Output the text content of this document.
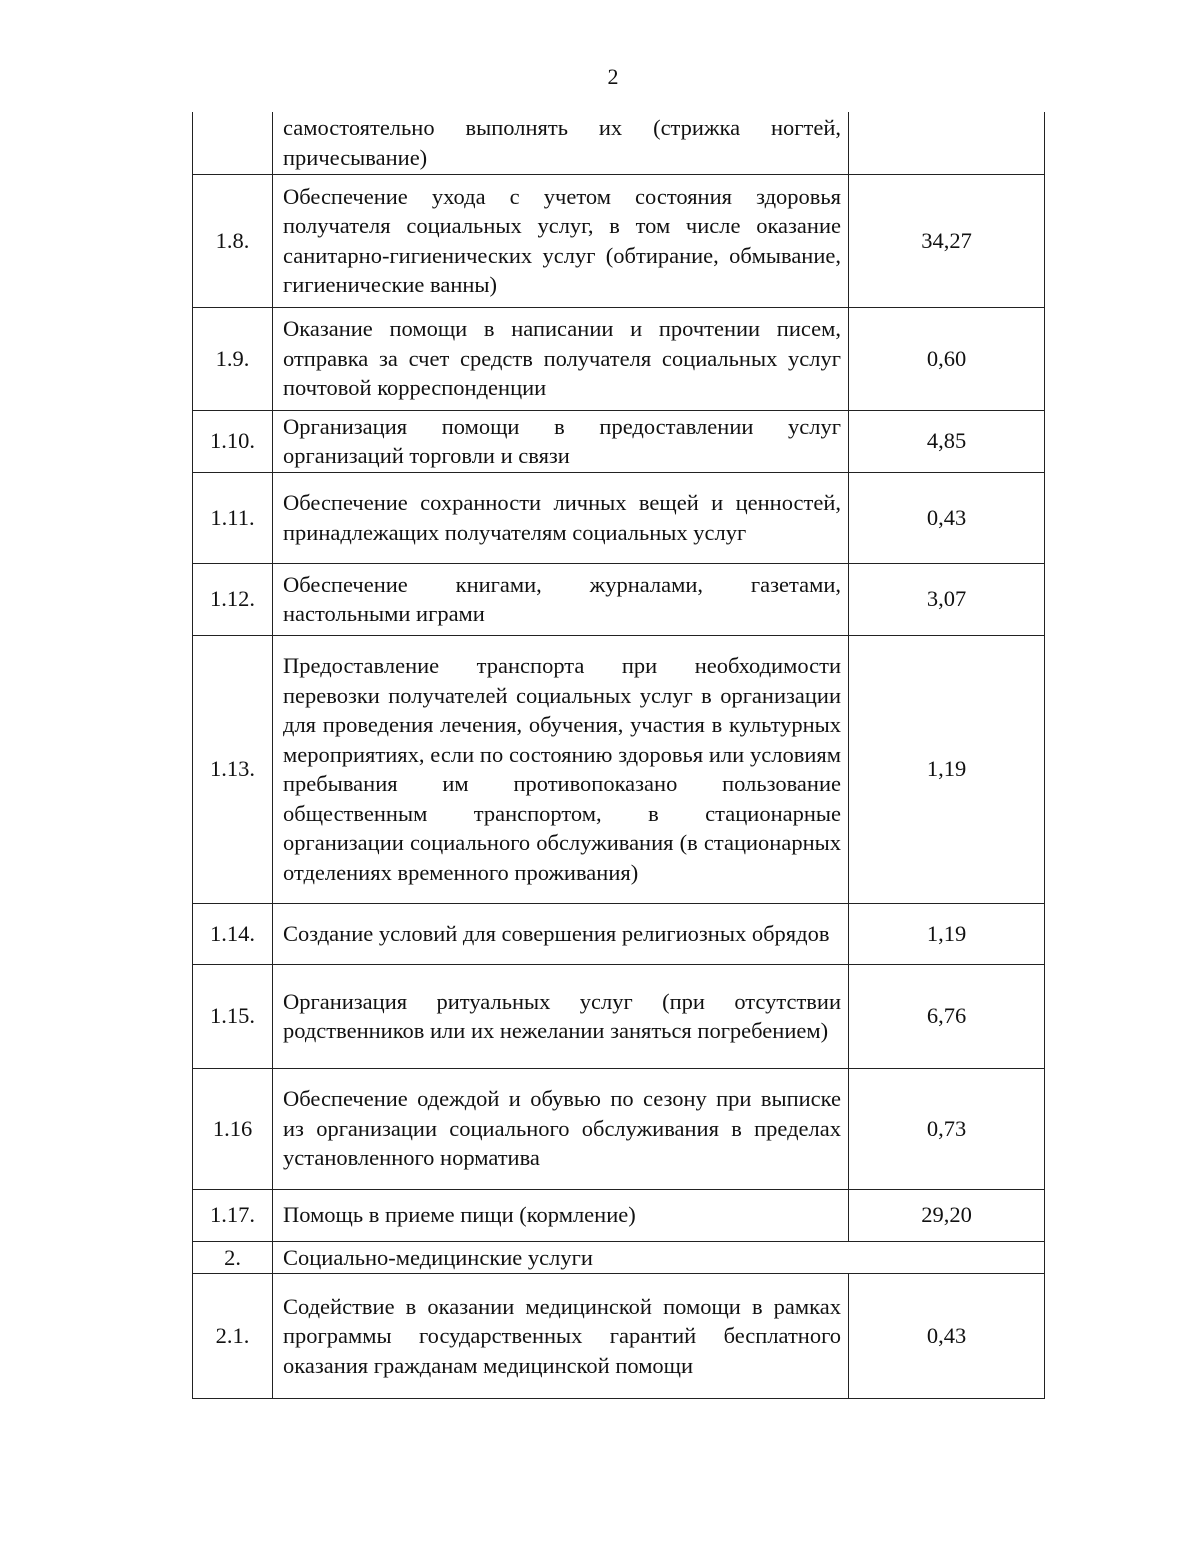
2
	самостоятельно выполнять их (стрижка ногтей, причесывание)	
1.8.	Обеспечение ухода с учетом состояния здоровья получателя социальных услуг, в том числе оказание санитарно-гигиенических услуг (обтирание, обмывание, гигиенические ванны)	34,27
1.9.	Оказание помощи в написании и прочтении писем, отправка за счет средств получателя социальных услуг почтовой корреспонденции	0,60
1.10.	Организация помощи в предоставлении услуг организаций торговли и связи	4,85
1.11.	Обеспечение сохранности личных вещей и ценностей, принадлежащих получателям социальных услуг	0,43
1.12.	Обеспечение книгами, журналами, газетами, настольными играми	3,07
1.13.	Предоставление транспорта при необходимости перевозки получателей социальных услуг в организации для проведения лечения, обучения, участия в культурных мероприятиях, если по состоянию здоровья или условиям пребывания им противопоказано пользование общественным транспортом, в стационарные организации социального обслуживания (в стационарных отделениях временного проживания)	1,19
1.14.	Создание условий для совершения религиозных обрядов	1,19
1.15.	Организация ритуальных услуг (при отсутствии родственников или их нежелании заняться погребением)	6,76
1.16	Обеспечение одеждой и обувью по сезону при выписке из организации социального обслуживания в пределах установленного норматива	0,73
1.17.	Помощь в приеме пищи (кормление)	29,20
2.	Социально-медицинские услуги	
2.1.	Содействие в оказании медицинской помощи в рамках программы государственных гарантий бесплатного оказания гражданам медицинской помощи	0,43
